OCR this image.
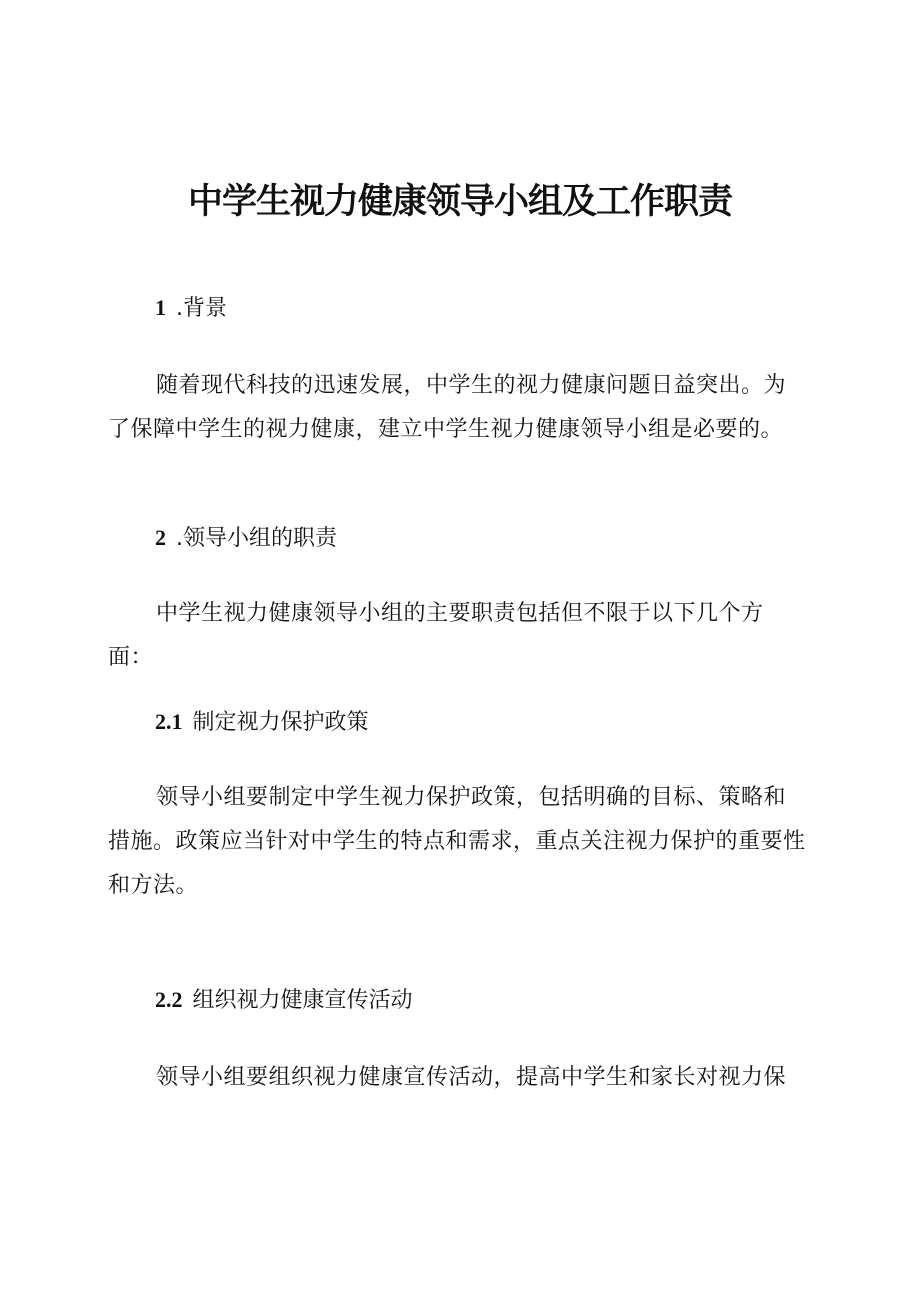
中学生视力健康领导小组及工作职责
1 .背景

随着现代科技的迅速发展，中学生的视力健康问题日益突出。为了保障中学生的视力健康，建立中学生视力健康领导小组是必要的。

2 .领导小组的职责

中学生视力健康领导小组的主要职责包括但不限于以下几个方面：

2.1 制定视力保护政策

领导小组要制定中学生视力保护政策，包括明确的目标、策略和措施。政策应当针对中学生的特点和需求，重点关注视力保护的重要性和方法。

2.2 组织视力健康宣传活动

领导小组要组织视力健康宣传活动，提高中学生和家长对视力保
